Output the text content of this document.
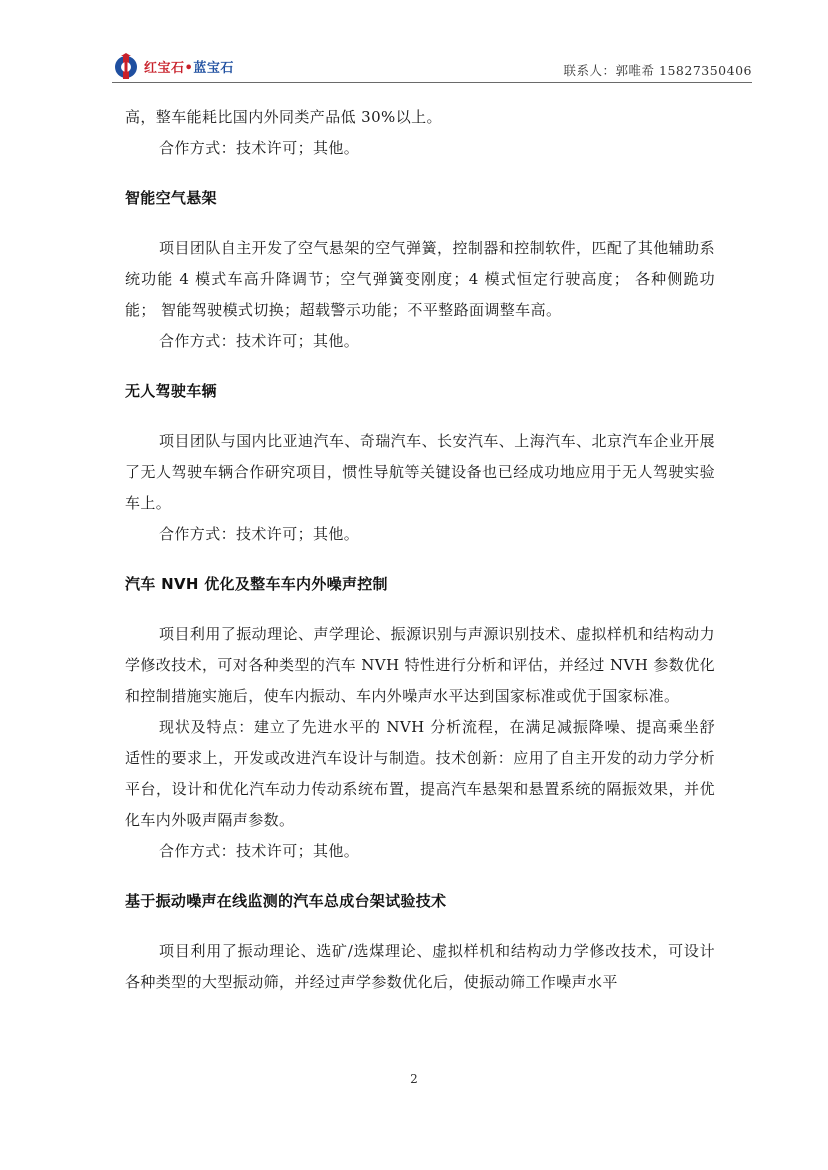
红宝石•蓝宝石	联系人：郭唯希 15827350406

高，整车能耗比国内外同类产品低 30%以上。

合作方式：技术许可；其他。

智能空气悬架

项目团队自主开发了空气悬架的空气弹簧，控制器和控制软件，匹配了其他辅助系统功能 4 模式车高升降调节；空气弹簧变刚度；4 模式恒定行驶高度； 各种侧跪功能； 智能驾驶模式切换；超载警示功能；不平整路面调整车高。

合作方式：技术许可；其他。

无人驾驶车辆

项目团队与国内比亚迪汽车、奇瑞汽车、长安汽车、上海汽车、北京汽车企业开展了无人驾驶车辆合作研究项目，惯性导航等关键设备也已经成功地应用于无人驾驶实验车上。

合作方式：技术许可；其他。

汽车 NVH 优化及整车车内外噪声控制

项目利用了振动理论、声学理论、振源识别与声源识别技术、虚拟样机和结构动力学修改技术，可对各种类型的汽车 NVH 特性进行分析和评估，并经过 NVH 参数优化和控制措施实施后，使车内振动、车内外噪声水平达到国家标准或优于国家标准。

现状及特点：建立了先进水平的 NVH 分析流程，在满足减振降噪、提高乘坐舒适性的要求上，开发或改进汽车设计与制造。技术创新：应用了自主开发的动力学分析平台，设计和优化汽车动力传动系统布置，提高汽车悬架和悬置系统的隔振效果，并优化车内外吸声隔声参数。

合作方式：技术许可；其他。

基于振动噪声在线监测的汽车总成台架试验技术

项目利用了振动理论、选矿/选煤理论、虚拟样机和结构动力学修改技术，可设计各种类型的大型振动筛，并经过声学参数优化后，使振动筛工作噪声水平

2
